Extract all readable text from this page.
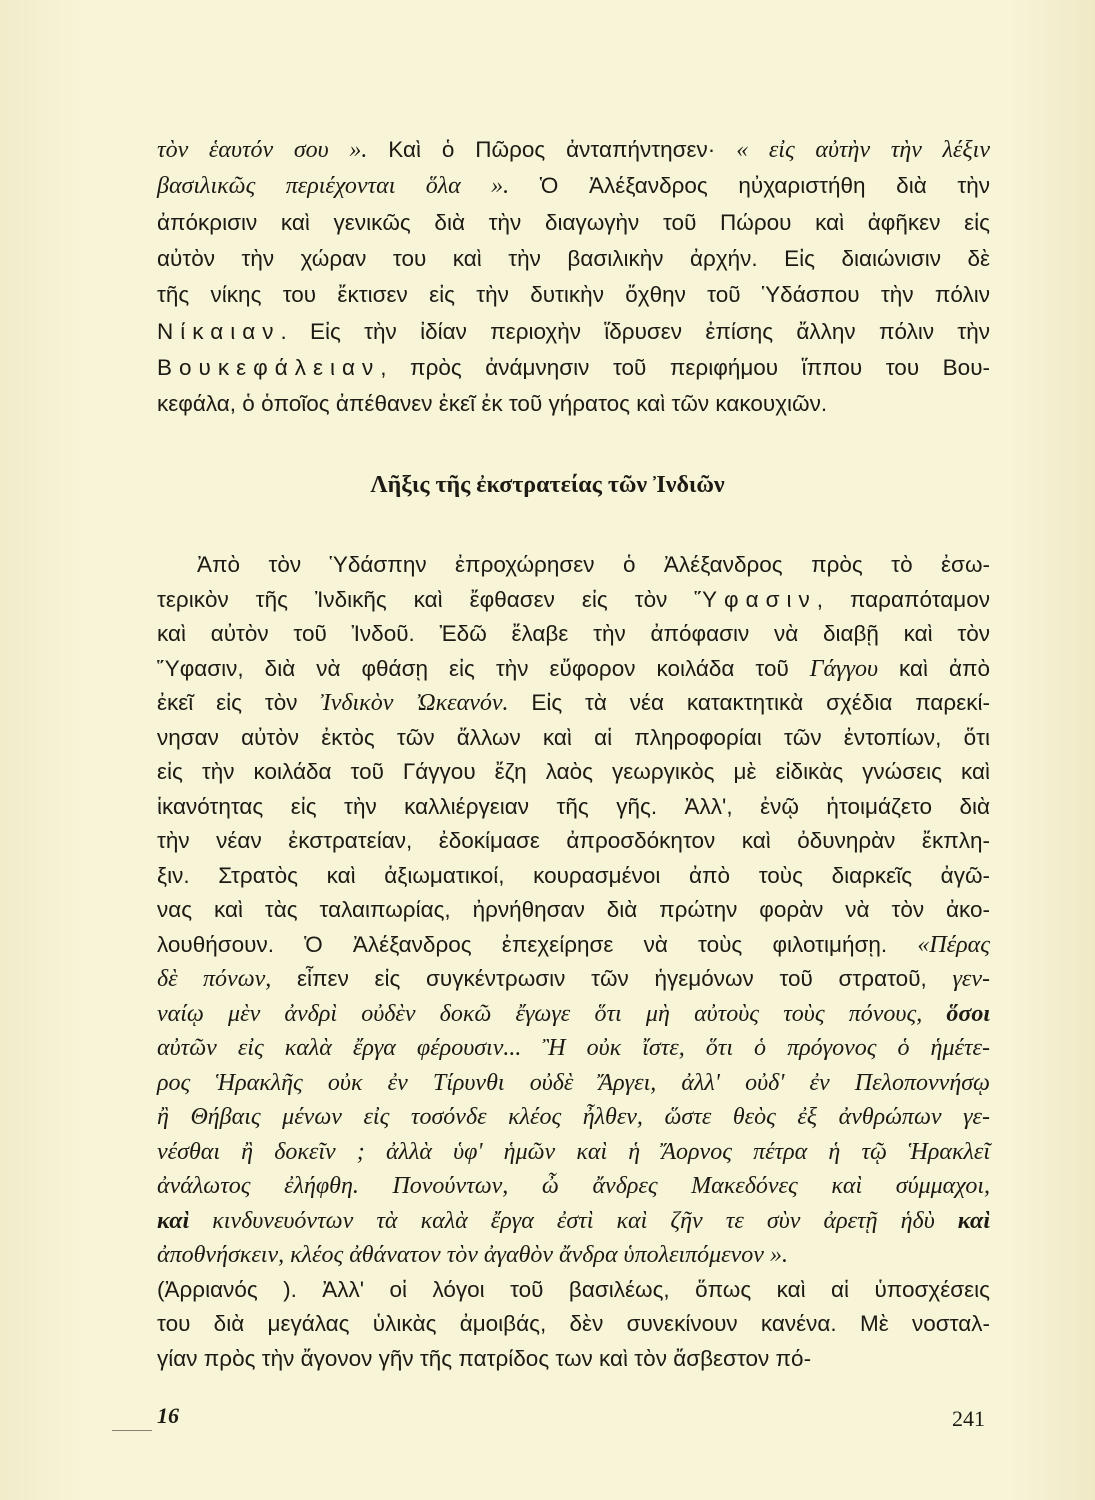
τὸν ἑαυτόν σου ». Καὶ ὁ Πῶρος ἀνταπήντησεν· « εἰς αὐτὴν τὴν λέξιν
βασιλικῶς περιέχονται ὅλα ». Ὁ Ἀλέξανδρος ηὐχαριστήθη διὰ τὴν
ἀπόκρισιν καὶ γενικῶς διὰ τὴν διαγωγὴν τοῦ Πώρου καὶ ἀφῆκεν εἰς
αὐτὸν τὴν χώραν του καὶ τὴν βασιλικὴν ἀρχήν. Εἰς διαιώνισιν δὲ
τῆς νίκης του ἔκτισεν εἰς τὴν δυτικὴν ὄχθην τοῦ Ὑδάσπου τὴν πόλιν
Νίκαιαν. Εἰς τὴν ἰδίαν περιοχὴν ἵδρυσεν ἐπίσης ἄλλην πόλιν τὴν
Βουκεφάλειαν, πρὸς ἀνάμνησιν τοῦ περιφήμου ἵππου του Βου-
κεφάλα, ὁ ὁποῖος ἀπέθανεν ἐκεῖ ἐκ τοῦ γήρατος καὶ τῶν κακουχιῶν.
Λῆξις τῆς ἐκστρατείας τῶν Ἰνδιῶν
Ἀπὸ τὸν Ὑδάσπην ἐπροχώρησεν ὁ Ἀλέξανδρος πρὸς τὸ ἐσω-
τερικὸν τῆς Ἰνδικῆς καὶ ἔφθασεν εἰς τὸν Ὕφασιν, παραπόταμον
καὶ αὐτὸν τοῦ Ἰνδοῦ. Ἐδῶ ἔλαβε τὴν ἀπόφασιν νὰ διαβῇ καὶ τὸν
Ὕφασιν, διὰ νὰ φθάσῃ εἰς τὴν εὔφορον κοιλάδα τοῦ Γάγγου καὶ ἀπὸ
ἐκεῖ εἰς τὸν Ἰνδικὸν Ὠκεανόν. Εἰς τὰ νέα κατακτητικὰ σχέδια παρεκί-
νησαν αὐτὸν ἐκτὸς τῶν ἄλλων καὶ αἱ πληροφορίαι τῶν ἐντοπίων, ὅτι
εἰς τὴν κοιλάδα τοῦ Γάγγου ἔζη λαὸς γεωργικὸς μὲ εἰδικὰς γνώσεις καὶ
ἱκανότητας εἰς τὴν καλλιέργειαν τῆς γῆς. Ἀλλ', ἐνῷ ἡτοιμάζετο διὰ
τὴν νέαν ἐκστρατείαν, ἐδοκίμασε ἀπροσδόκητον καὶ ὀδυνηρὰν ἔκπλη-
ξιν. Στρατὸς καὶ ἀξιωματικοί, κουρασμένοι ἀπὸ τοὺς διαρκεῖς ἀγῶ-
νας καὶ τὰς ταλαιπωρίας, ἠρνήθησαν διὰ πρώτην φορὰν νὰ τὸν ἀκο-
λουθήσουν. Ὁ Ἀλέξανδρος ἐπεχείρησε νὰ τοὺς φιλοτιμήσῃ. «Πέρας
δὲ πόνων, εἶπεν εἰς συγκέντρωσιν τῶν ἡγεμόνων τοῦ στρατοῦ, γεν-
ναίῳ μὲν ἀνδρὶ οὐδὲν δοκῶ ἔγωγε ὅτι μὴ αὐτοὺς τοὺς πόνους, ὅσοι
αὐτῶν εἰς καλὰ ἔργα φέρουσιν... Ἢ οὐκ ἴστε, ὅτι ὁ πρόγονος ὁ ἡμέτε-
ρος Ἡρακλῆς οὐκ ἐν Τίρυνθι οὐδὲ Ἄργει, ἀλλ' οὐδ' ἐν Πελοποννήσῳ
ἢ Θήβαις μένων εἰς τοσόνδε κλέος ἦλθεν, ὥστε θεὸς ἐξ ἀνθρώπων γε-
νέσθαι ἢ δοκεῖν ; ἀλλὰ ὑφ' ἡμῶν καὶ ἡ Ἄορνος πέτρα ἡ τῷ Ἡρακλεῖ
ἀνάλωτος ἐλήφθη. Πονούντων, ὦ ἄνδρες Μακεδόνες καὶ σύμμαχοι,
καὶ κινδυνευόντων τὰ καλὰ ἔργα ἐστὶ καὶ ζῆν τε σὺν ἀρετῇ ἡδὺ καὶ
ἀποθνήσκειν, κλέος ἀθάνατον τὸν ἀγαθὸν ἄνδρα ὑπολειπόμενον ».
(Ἀρριανός ). Ἀλλ' οἱ λόγοι τοῦ βασιλέως, ὅπως καὶ αἱ ὑποσχέσεις
του διὰ μεγάλας ὑλικὰς ἀμοιβάς, δὲν συνεκίνουν κανένα. Μὲ νοσταλ-
γίαν πρὸς τὴν ἄγονον γῆν τῆς πατρίδος των καὶ τὸν ἄσβεστον πό-
16	241
